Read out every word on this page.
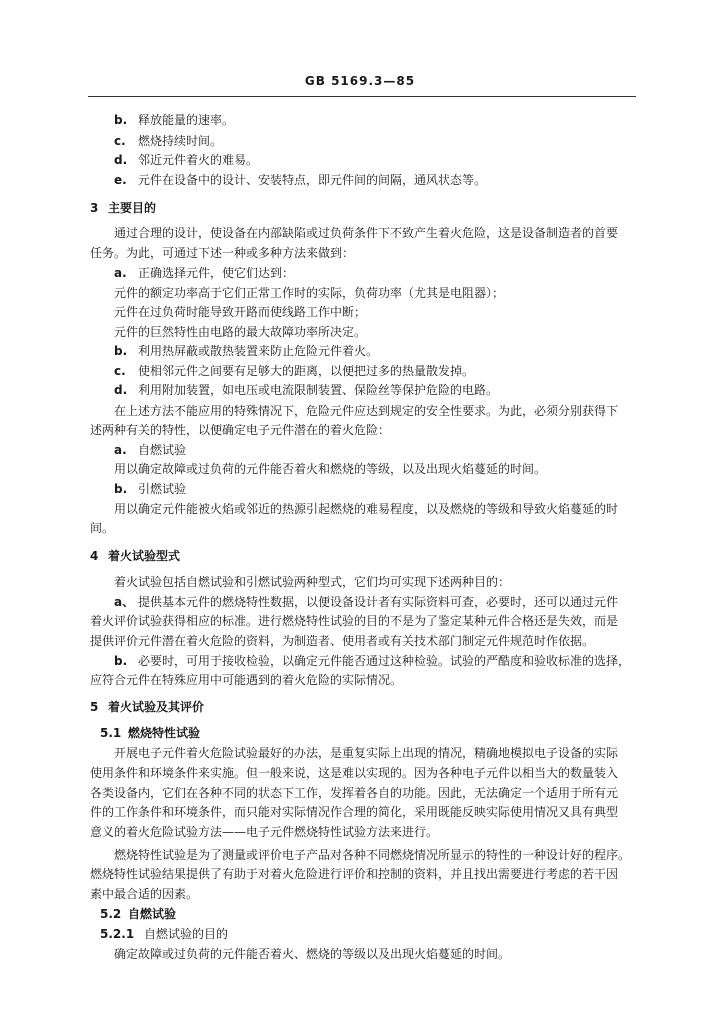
GB 5169.3—85
b. 释放能量的速率。
c. 燃烧持续时间。
d. 邻近元件着火的难易。
e. 元件在设备中的设计、安装特点，即元件间的间隔，通风状态等。
3 主要目的
通过合理的设计，使设备在内部缺陷或过负荷条件下不致产生着火危险，这是设备制造者的首要
任务。为此，可通过下述一种或多种方法来做到：
a. 正确选择元件，使它们达到：
元件的额定功率高于它们正常工作时的实际，负荷功率（尤其是电阻器）；
元件在过负荷时能导致开路而使线路工作中断；
元件的巨然特性由电路的最大故障功率所决定。
b. 利用热屏蔽或散热装置来防止危险元件着火。
c. 使相邻元件之间要有足够大的距离，以便把过多的热量散发掉。
d. 利用附加装置，如电压或电流限制装置、保险丝等保护危险的电路。
在上述方法不能应用的特殊情况下，危险元件应达到规定的安全性要求。为此，必须分别获得下
述两种有关的特性，以便确定电子元件潜在的着火危险：
a. 自燃试验
用以确定故障或过负荷的元件能否着火和燃烧的等级，以及出现火焰蔓延的时间。
b. 引燃试验
用以确定元件能被火焰或邻近的热源引起燃烧的难易程度，以及燃烧的等级和导致火焰蔓延的时
间。
4 着火试验型式
着火试验包括自燃试验和引燃试验两种型式，它们均可实现下述两种目的：
a、 提供基本元件的燃烧特性数据，以便设备设计者有实际资料可查，必要时，还可以通过元件
着火评价试验获得相应的标准。进行燃烧特性试验的目的不是为了鉴定某种元件合格还是失效，而是
提供评价元件潜在着火危险的资料，为制造者、使用者或有关技术部门制定元件规范时作依据。
b. 必要时，可用于接收检验，以确定元件能否通过这种检验。试验的严酷度和验收标准的选择，
应符合元件在特殊应用中可能遇到的着火危险的实际情况。
5 着火试验及其评价
5.1 燃烧特性试验
开展电子元件着火危险试验最好的办法，是重复实际上出现的情况，精确地模拟电子设备的实际
使用条件和环境条件来实施。但一般来说，这是难以实现的。因为各种电子元件以相当大的数量装入
各类设备内，它们在各种不同的状态下工作，发挥着各自的功能。因此，无法确定一个适用于所有元
件的工作条件和环境条件，而只能对实际情况作合理的简化，采用既能反映实际使用情况又具有典型
意义的着火危险试验方法——电子元件燃烧特性试验方法来进行。
燃烧特性试验是为了测量或评价电子产品对各种不同燃烧情况所显示的特性的一种设计好的程序。
燃烧特性试验结果提供了有助于对着火危险进行评价和控制的资料，并且找出需要进行考虑的若干因
素中最合适的因素。
5.2 自燃试验
5.2.1 自燃试验的目的
确定故障或过负荷的元件能否着火、燃烧的等级以及出现火焰蔓延的时间。
